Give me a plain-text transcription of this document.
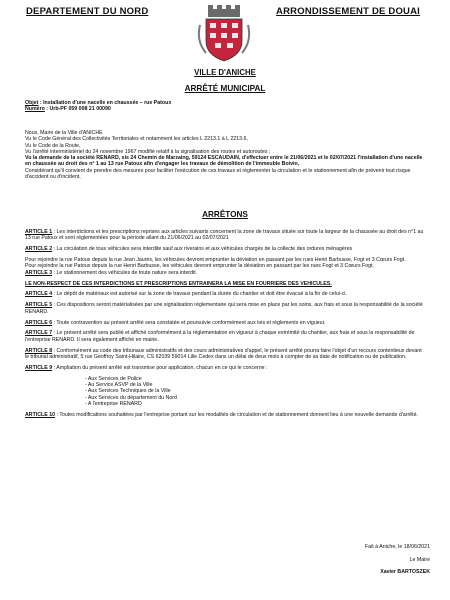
DEPARTEMENT DU NORD	ARRONDISSEMENT DE DOUAI
VILLE D'ANICHE
ARRÊTÉ MUNICIPAL

Objet : Installation d'une nacelle en chaussée – rue Patoux

Numéro : Urb-PF 059 008 21 00090

Nous, Maire de la Ville d'ANICHE

Vu le Code Général des Collectivités Territoriales et notamment les articles L 2213.1 à L 2213.6,

Vu le Code de la Route,

Vu l'arrêté interministériel du 24 novembre 1967 modifié relatif à la signalisation des routes et autoroutes ;

Vu la demande de la société RENARD, sis 24 Chemin de Marzaing, 59124 ESCAUDAIN, d'effectuer entre le 21/06/2021 et le 02/07/2021 l'installation d'une nacelle en chaussée au droit des n° 1 au 13 rue Patoux afin d'engager les travaux de démolition de l'immeuble Boivin,

Considérant qu'il convient de prendre des mesures pour faciliter l'exécution de ces travaux et réglementer la circulation et le stationnement afin de prévenir tout risque d'accident ou d'incident,

ARRÊTONS

ARTICLE 1 : Les interdictions et les prescriptions reprises aux articles suivants concernent la zone de travaux située sur toute la largeur de la chaussée au droit des n°1 au 13 rue Patoux et sont réglementées pour la période allant du 21/06/2021 au 02/07/2021

ARTICLE 2 : La circulation de tous véhicules sera interdite sauf aux riverains et aux véhicules chargés de la collecte des ordures ménagères

Pour rejoindre la rue Patoux depuis la rue Jean Jaurès, les véhicules devront emprunter la déviation en passant par les rues Henri Barbusse, Fogt et 3 Cœurs Fogt.

Pour rejoindre la rue Patoux depuis la rue Henri Barbusse, les véhicules devront emprunter la déviation en passant par les rues Fogt et 3 Cœurs Fogt.

ARTICLE 3 : Le stationnement des véhicules de toute nature sera interdit.

LE NON-RESPECT DE CES INTERDICTIONS ET PRESCRIPTIONS ENTRAINERA LA MISE EN FOURRIERE DES VEHICULES.

ARTICLE 4 : Le dépôt de matériaux est autorisé sur la zone de travaux pendant la durée du chantier et doit être évacué à la fin de celui-ci.

ARTICLE 5 : Ces dispositions seront matérialisées par une signalisation réglementaire qui sera mise en place par les soins, aux frais et sous la responsabilité de la société RENARD.

ARTICLE 6 : Toute contravention au présent arrêté sera constatée et poursuivie conformément aux lois et règlements en vigueur.

ARTICLE 7 : Le présent arrêté sera publié et affiché conformément à la réglementation en vigueur à chaque extrémité du chantier, aux frais et sous la responsabilité de l'entreprise RENARD. Il sera également affiché en mairie.

ARTICLE 8 : Conformément au code des tribunaux administratifs et des cours administratives d'appel, le présent arrêté pourra faire l'objet d'un recours contentieux devant le tribunal administratif, 5 rue Geoffroy Saint-Hilaire, CS 62039 59014 Lille Cedex dans un délai de deux mois à compter de sa date de notification ou de publication.

ARTICLE 9 : Ampliation du présent arrêté est transmise pour application, chacun en ce qui le concerne :

- Aux Services de Police
- Au Service ASVP de la Ville
- Aux Services Techniques de la Ville
- Aux Services du département du Nord
- A l'entreprise RENARD

ARTICLE 10 : Toutes modifications souhaitées par l'entreprise portant sur les modalités de circulation et de stationnement donnent lieu à une nouvelle demande d'arrêté.

Fait à Aniche, le 18/06/2021
Le Maire
Xavier BARTOSZEK
